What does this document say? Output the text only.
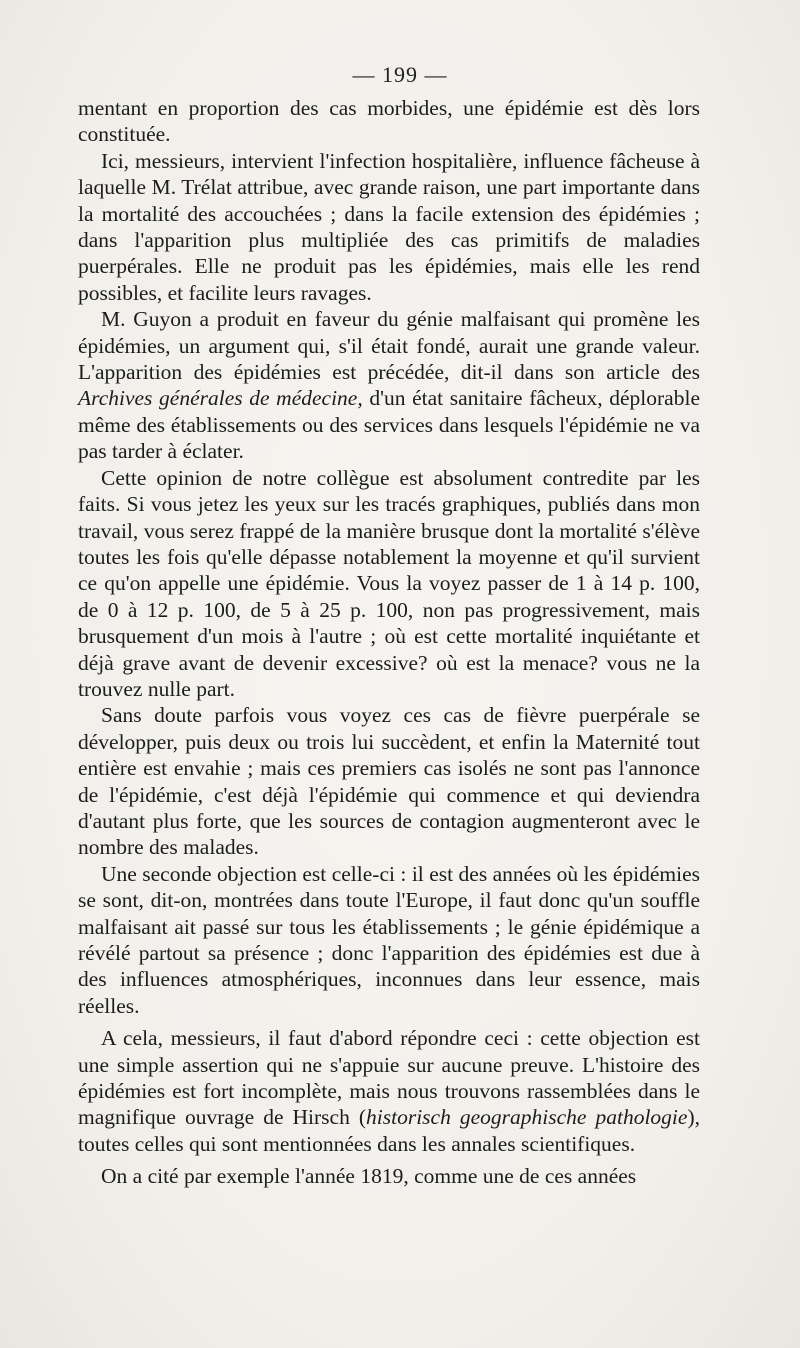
— 199 —

mentant en proportion des cas morbides, une épidémie est dès lors constituée.

Ici, messieurs, intervient l'infection hospitalière, influence fâcheuse à laquelle M. Trélat attribue, avec grande raison, une part importante dans la mortalité des accouchées ; dans la facile extension des épidémies ; dans l'apparition plus multipliée des cas primitifs de maladies puerpérales. Elle ne produit pas les épidémies, mais elle les rend possibles, et facilite leurs ravages.

M. Guyon a produit en faveur du génie malfaisant qui promène les épidémies, un argument qui, s'il était fondé, aurait une grande valeur. L'apparition des épidémies est précédée, dit-il dans son article des Archives générales de médecine, d'un état sanitaire fâcheux, déplorable même des établissements ou des services dans lesquels l'épidémie ne va pas tarder à éclater.

Cette opinion de notre collègue est absolument contredite par les faits. Si vous jetez les yeux sur les tracés graphiques, publiés dans mon travail, vous serez frappé de la manière brusque dont la mortalité s'élève toutes les fois qu'elle dépasse notablement la moyenne et qu'il survient ce qu'on appelle une épidémie. Vous la voyez passer de 1 à 14 p. 100, de 0 à 12 p. 100, de 5 à 25 p. 100, non pas progressivement, mais brusquement d'un mois à l'autre ; où est cette mortalité inquiétante et déjà grave avant de devenir excessive? où est la menace? vous ne la trouvez nulle part.

Sans doute parfois vous voyez ces cas de fièvre puerpérale se développer, puis deux ou trois lui succèdent, et enfin la Maternité tout entière est envahie ; mais ces premiers cas isolés ne sont pas l'annonce de l'épidémie, c'est déjà l'épidémie qui commence et qui deviendra d'autant plus forte, que les sources de contagion augmenteront avec le nombre des malades.

Une seconde objection est celle-ci : il est des années où les épidémies se sont, dit-on, montrées dans toute l'Europe, il faut donc qu'un souffle malfaisant ait passé sur tous les établissements ; le génie épidémique a révélé partout sa présence ; donc l'apparition des épidémies est due à des influences atmosphériques, inconnues dans leur essence, mais réelles.

A cela, messieurs, il faut d'abord répondre ceci : cette objection est une simple assertion qui ne s'appuie sur aucune preuve. L'histoire des épidémies est fort incomplète, mais nous trouvons rassemblées dans le magnifique ouvrage de Hirsch (historisch geographische pathologie), toutes celles qui sont mentionnées dans les annales scientifiques.

On a cité par exemple l'année 1819, comme une de ces années
